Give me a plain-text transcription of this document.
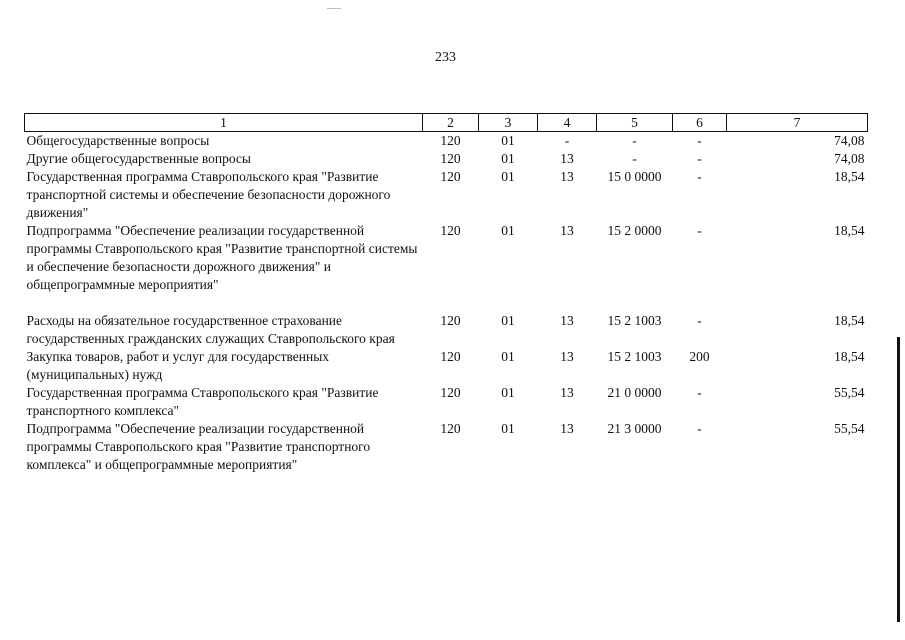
233
1	2	3	4	5	6	7
Общегосударственные вопросы	120	01	-	-	-	74,08
Другие общегосударственные вопросы	120	01	13	-	-	74,08
Государственная программа Ставропольского края "Развитие транспортной системы и обеспечение безопасности дорожного движения"	120	01	13	15 0 0000	-	18,54
Подпрограмма "Обеспечение реализации государственной программы Ставропольского края "Развитие транспортной системы и обеспечение безопасности дорожного движения" и общепрограммные мероприятия"	120	01	13	15 2 0000	-	18,54

Расходы на обязательное государственное страхование государственных гражданских служащих Ставропольского края	120	01	13	15 2 1003	-	18,54
Закупка товаров, работ и услуг для государственных (муниципальных) нужд	120	01	13	15 2 1003	200	18,54
Государственная программа Ставропольского края "Развитие транспортного комплекса"	120	01	13	21 0 0000	-	55,54
Подпрограмма "Обеспечение реализации государственной программы Ставропольского края "Развитие транспортного комплекса" и общепрограммные мероприятия"	120	01	13	21 3 0000	-	55,54
